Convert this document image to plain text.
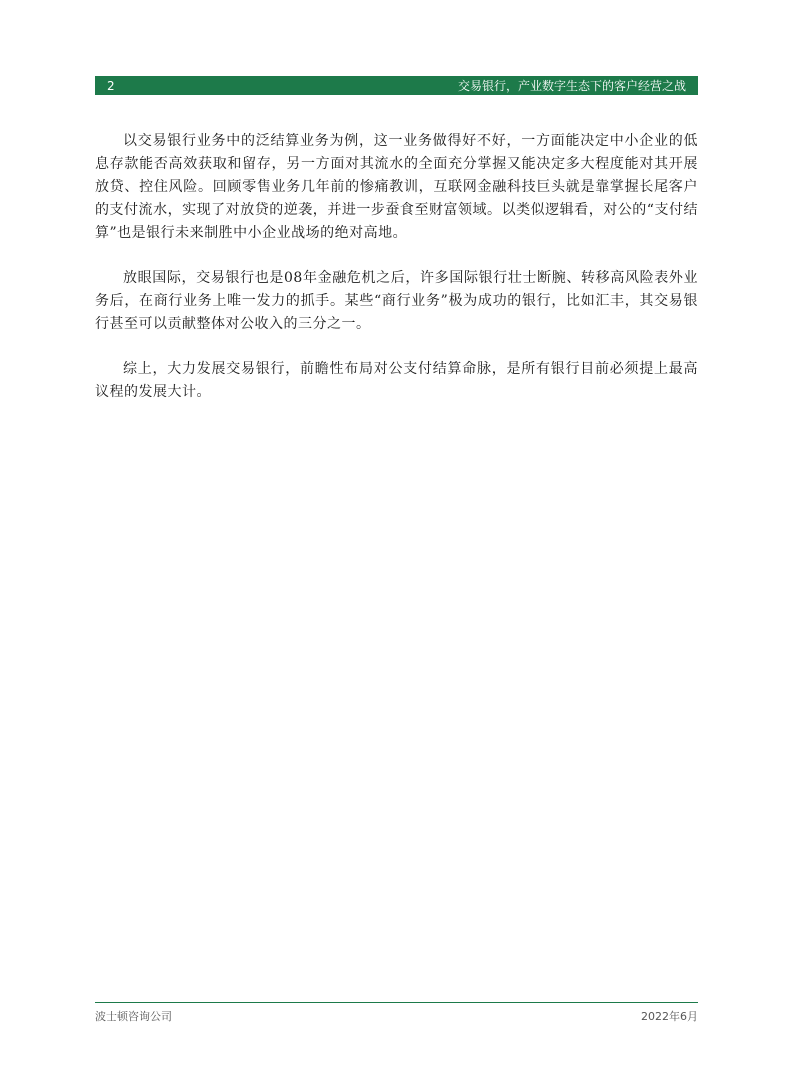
2	交易银行，产业数字生态下的客户经营之战

以交易银行业务中的泛结算业务为例，这一业务做得好不好，一方面能决定中小企业的低息存款能否高效获取和留存，另一方面对其流水的全面充分掌握又能决定多大程度能对其开展放贷、控住风险。回顾零售业务几年前的惨痛教训，互联网金融科技巨头就是靠掌握长尾客户的支付流水，实现了对放贷的逆袭，并进一步蚕食至财富领域。以类似逻辑看，对公的“支付结算”也是银行未来制胜中小企业战场的绝对高地。

放眼国际，交易银行也是08年金融危机之后，许多国际银行壮士断腕、转移高风险表外业务后，在商行业务上唯一发力的抓手。某些“商行业务”极为成功的银行，比如汇丰，其交易银行甚至可以贡献整体对公收入的三分之一。

综上，大力发展交易银行，前瞻性布局对公支付结算命脉，是所有银行目前必须提上最高议程的发展大计。

波士顿咨询公司	2022年6月
